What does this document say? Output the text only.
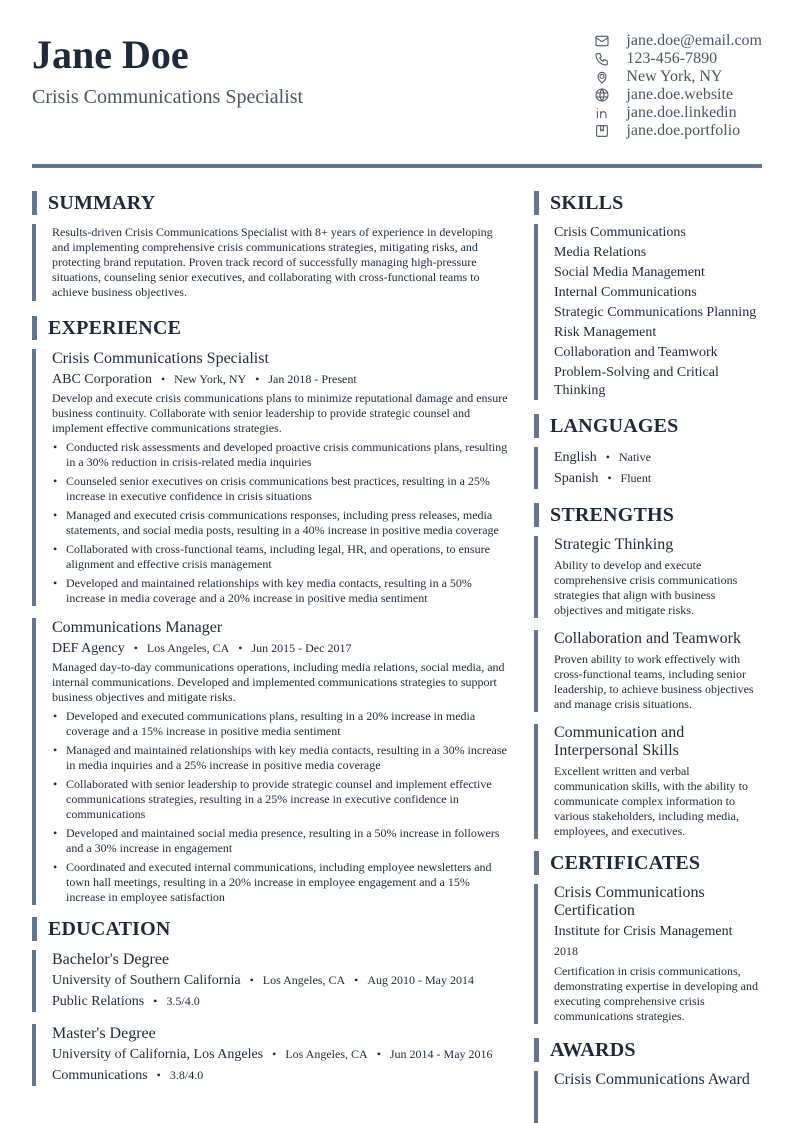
Jane Doe
Crisis Communications Specialist
jane.doe@email.com
123-456-7890
New York, NY
jane.doe.website
jane.doe.linkedin
jane.doe.portfolio
SUMMARY
Results-driven Crisis Communications Specialist with 8+ years of experience in developing and implementing comprehensive crisis communications strategies, mitigating risks, and protecting brand reputation. Proven track record of successfully managing high-pressure situations, counseling senior executives, and collaborating with cross-functional teams to achieve business objectives.
EXPERIENCE
Crisis Communications Specialist
ABC Corporation • New York, NY • Jan 2018 - Present
Develop and execute crisis communications plans to minimize reputational damage and ensure business continuity. Collaborate with senior leadership to provide strategic counsel and implement effective communications strategies.
• Conducted risk assessments and developed proactive crisis communications plans, resulting in a 30% reduction in crisis-related media inquiries
• Counseled senior executives on crisis communications best practices, resulting in a 25% increase in executive confidence in crisis situations
• Managed and executed crisis communications responses, including press releases, media statements, and social media posts, resulting in a 40% increase in positive media coverage
• Collaborated with cross-functional teams, including legal, HR, and operations, to ensure alignment and effective crisis management
• Developed and maintained relationships with key media contacts, resulting in a 50% increase in media coverage and a 20% increase in positive media sentiment
Communications Manager
DEF Agency • Los Angeles, CA • Jun 2015 - Dec 2017
Managed day-to-day communications operations, including media relations, social media, and internal communications. Developed and implemented communications strategies to support business objectives and mitigate risks.
• Developed and executed communications plans, resulting in a 20% increase in media coverage and a 15% increase in positive media sentiment
• Managed and maintained relationships with key media contacts, resulting in a 30% increase in media inquiries and a 25% increase in positive media coverage
• Collaborated with senior leadership to provide strategic counsel and implement effective communications strategies, resulting in a 25% increase in executive confidence in communications
• Developed and maintained social media presence, resulting in a 50% increase in followers and a 30% increase in engagement
• Coordinated and executed internal communications, including employee newsletters and town hall meetings, resulting in a 20% increase in employee engagement and a 15% increase in employee satisfaction
EDUCATION
Bachelor's Degree
University of Southern California • Los Angeles, CA • Aug 2010 - May 2014
Public Relations • 3.5/4.0
Master's Degree
University of California, Los Angeles • Los Angeles, CA • Jun 2014 - May 2016
Communications • 3.8/4.0
SKILLS
Crisis Communications
Media Relations
Social Media Management
Internal Communications
Strategic Communications Planning
Risk Management
Collaboration and Teamwork
Problem-Solving and Critical Thinking
LANGUAGES
English • Native
Spanish • Fluent
STRENGTHS
Strategic Thinking
Ability to develop and execute comprehensive crisis communications strategies that align with business objectives and mitigate risks.
Collaboration and Teamwork
Proven ability to work effectively with cross-functional teams, including senior leadership, to achieve business objectives and manage crisis situations.
Communication and Interpersonal Skills
Excellent written and verbal communication skills, with the ability to communicate complex information to various stakeholders, including media, employees, and executives.
CERTIFICATES
Crisis Communications Certification
Institute for Crisis Management
2018
Certification in crisis communications, demonstrating expertise in developing and executing comprehensive crisis communications strategies.
AWARDS
Crisis Communications Award
